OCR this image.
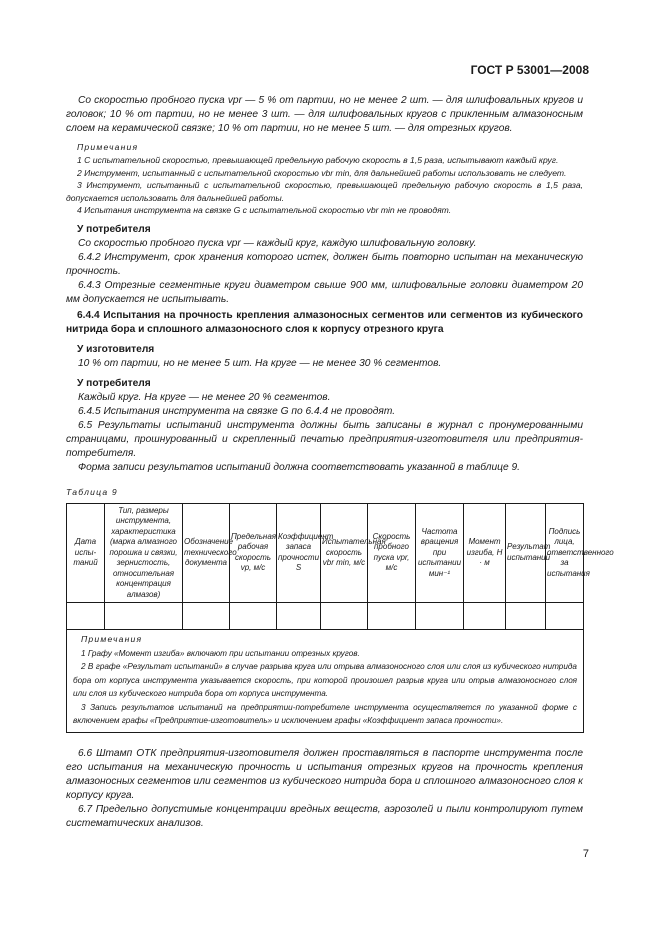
ГОСТ Р 53001—2008

Со скоростью пробного пуска vpr — 5 % от партии, но не менее 2 шт. — для шлифовальных кругов и головок; 10 % от партии, но не менее 3 шт. — для шлифовальных кругов с прикленным алмазоносным слоем на керамической связке; 10 % от партии, но не менее 5 шт. — для отрезных кругов.

Примечания

1 С испытательной скоростью, превышающей предельную рабочую скорость в 1,5 раза, испытывают каждый круг.

2 Инструмент, испытанный с испытательной скоростью vbr min, для дальнейшей работы использовать не следует.

3 Инструмент, испытанный с испытательной скоростью, превышающей предельную рабочую скорость в 1,5 раза, допускается использовать для дальнейшей работы.

4 Испытания инструмента на связке G с испытательной скоростью vbr min не проводят.

У потребителя

Со скоростью пробного пуска vpr — каждый круг, каждую шлифовальную головку.

6.4.2 Инструмент, срок хранения которого истек, должен быть повторно испытан на механическую прочность.

6.4.3 Отрезные сегментные круги диаметром свыше 900 мм, шлифовальные головки диаметром 20 мм допускается не испытывать.

6.4.4 Испытания на прочность крепления алмазоносных сегментов или сегментов из кубического нитрида бора и сплошного алмазоносного слоя к корпусу отрезного круга

У изготовителя

10 % от партии, но не менее 5 шт. На круге — не менее 30 % сегментов.

У потребителя

Каждый круг. На круге — не менее 20 % сегментов.

6.4.5 Испытания инструмента на связке G по 6.4.4 не проводят.

6.5 Результаты испытаний инструмента должны быть записаны в журнал с пронумерованными страницами, прошнурованный и скрепленный печатью предприятия-изготовителя или предприятия-потребителя.

Форма записи результатов испытаний должна соответствовать указанной в таблице 9.

Таблица 9
Дата испы-таний	Тип, размеры инструмента, характеристика (марка алмазного порошка и связки, зернистость, относительная концентрация алмазов)	Обозначение технического документа	Предельная рабочая скорость vр, м/с	Коэффициент запаса прочности S	Испытательная скорость vbr min, м/с	Скорость пробного пуска vpr, м/с	Частота вращения при испытании мин⁻¹	Момент изгиба, Н · м	Результат испытаний	Подпись лица, ответственного за испытания

Примечания

1 Графу «Момент изгиба» включают при испытании отрезных кругов.

2 В графе «Результат испытаний» в случае разрыва круга или отрыва алмазоносного слоя или слоя из кубического нитрида бора от корпуса инструмента указывается скорость, при которой произошел разрыв круга или отрыв алмазоносного слоя или слоя из кубического нитрида бора от корпуса инструмента.

3 Запись результатов испытаний на предприятии-потребителе инструмента осуществляется по указанной форме с включением графы «Предприятие-изготовитель» и исключением графы «Коэффициент запаса прочности».										

6.6 Штамп ОТК предприятия-изготовителя должен проставляться в паспорте инструмента после его испытания на механическую прочность и испытания отрезных кругов на прочность крепления алмазоносных сегментов или сегментов из кубического нитрида бора и сплошного алмазоносного слоя к корпусу круга.

6.7 Предельно допустимые концентрации вредных веществ, аэрозолей и пыли контролируют путем систематических анализов.

7
